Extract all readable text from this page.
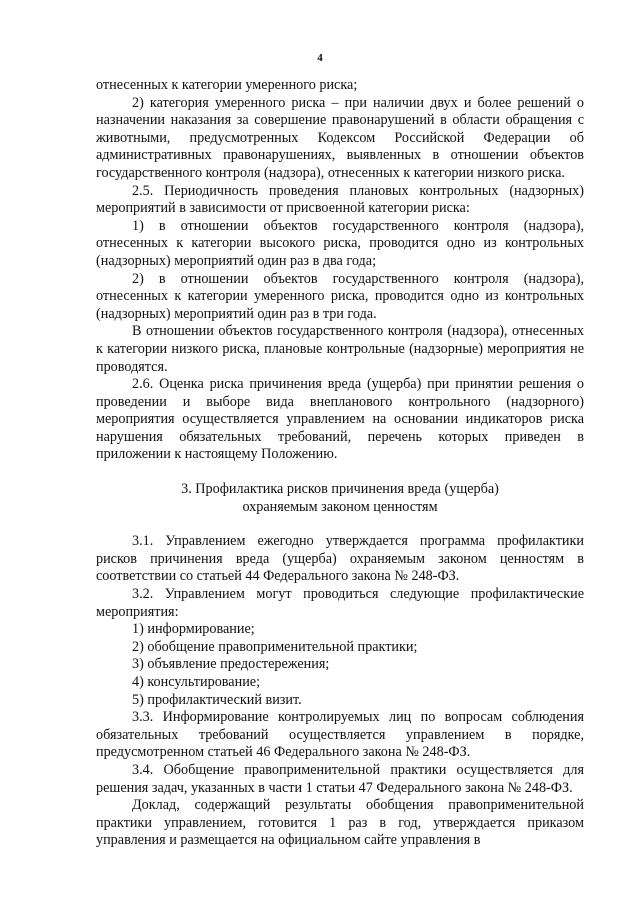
4

отнесенных к категории умеренного риска;

2) категория умеренного риска – при наличии двух и более решений о назначении наказания за совершение правонарушений в области обращения с животными, предусмотренных Кодексом Российской Федерации об административных правонарушениях, выявленных в отношении объектов государственного контроля (надзора), отнесенных к категории низкого риска.

2.5. Периодичность проведения плановых контрольных (надзорных) мероприятий в зависимости от присвоенной категории риска:

1) в отношении объектов государственного контроля (надзора), отнесенных к категории высокого риска, проводится одно из контрольных (надзорных) мероприятий один раз в два года;

2) в отношении объектов государственного контроля (надзора), отнесенных к категории умеренного риска, проводится одно из контрольных (надзорных) мероприятий один раз в три года.

В отношении объектов государственного контроля (надзора), отнесенных к категории низкого риска, плановые контрольные (надзорные) мероприятия не проводятся.

2.6. Оценка риска причинения вреда (ущерба) при принятии решения о проведении и выборе вида внепланового контрольного (надзорного) мероприятия осуществляется управлением на основании индикаторов риска нарушения обязательных требований, перечень которых приведен в приложении к настоящему Положению.

3. Профилактика рисков причинения вреда (ущерба)
охраняемым законом ценностям

3.1. Управлением ежегодно утверждается программа профилактики рисков причинения вреда (ущерба) охраняемым законом ценностям в соответствии со статьей 44 Федерального закона № 248-ФЗ.

3.2. Управлением могут проводиться следующие профилактические мероприятия:

1) информирование;

2) обобщение правоприменительной практики;

3) объявление предостережения;

4) консультирование;

5) профилактический визит.

3.3. Информирование контролируемых лиц по вопросам соблюдения обязательных требований осуществляется управлением в порядке, предусмотренном статьей 46 Федерального закона № 248-ФЗ.

3.4. Обобщение правоприменительной практики осуществляется для решения задач, указанных в части 1 статьи 47 Федерального закона № 248-ФЗ.

Доклад, содержащий результаты обобщения правоприменительной практики управлением, готовится 1 раз в год, утверждается приказом управления и размещается на официальном сайте управления в
